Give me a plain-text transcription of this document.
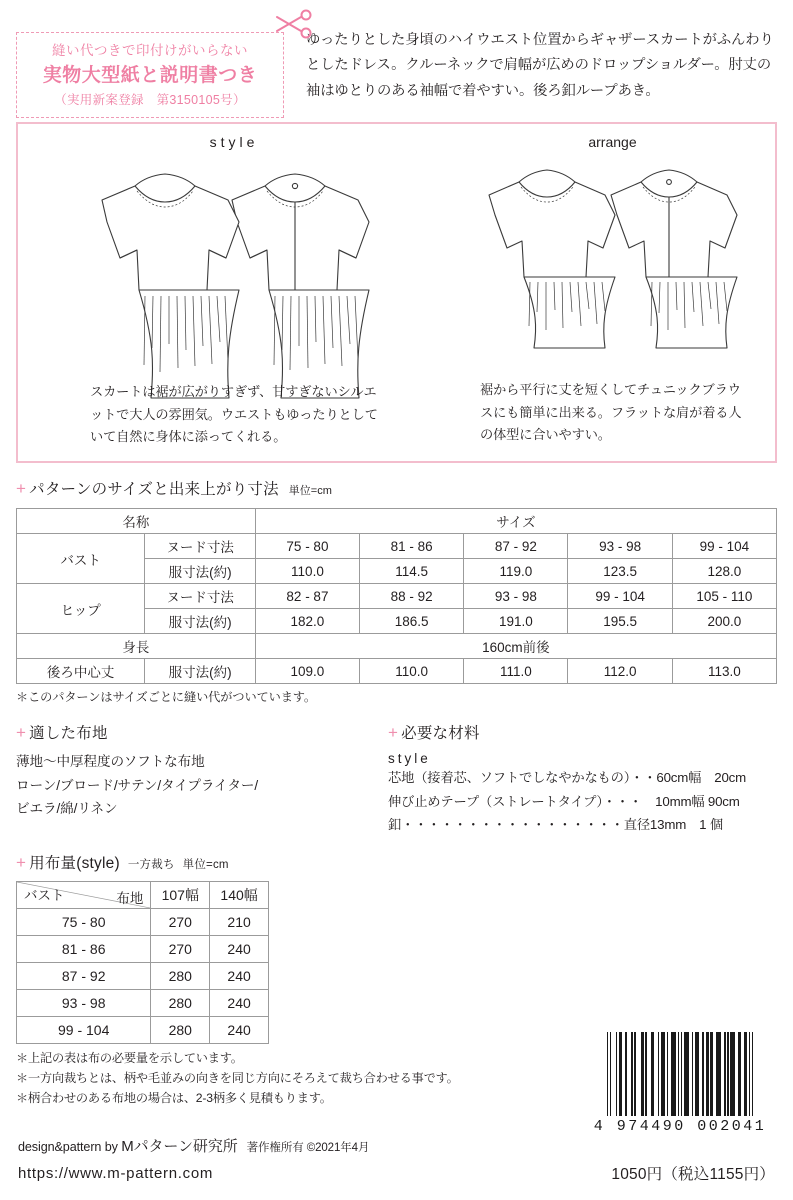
縫い代つきで印付けがいらない
実物大型紙と説明書つき
（実用新案登録　第3150105号）

ゆったりとした身頃のハイウエスト位置からギャザースカートがふんわりとしたドレス。クルーネックで肩幅が広めのドロップショルダー。肘丈の袖はゆとりのある袖幅で着やすい。後ろ釦ループあき。

style
スカートは裾が広がりすぎず、甘すぎないシルエットで大人の雰囲気。ウエストもゆったりとしていて自然に身体に添ってくれる。
arrange
裾から平行に丈を短くしてチュニックブラウスにも簡単に出来る。フラットな肩が着る人の体型に合いやすい。
+ パターンのサイズと出来上がり寸法 単位=cm
名称		サイズ				
バスト	ヌード寸法	75 - 80	81 - 86	87 - 92	93 - 98	99 - 104
	服寸法(約)	110.0	114.5	119.0	123.5	128.0
ヒップ	ヌード寸法	82 - 87	88 - 92	93 - 98	99 - 104	105 - 110
	服寸法(約)	182.0	186.5	191.0	195.5	200.0
身長		160cm前後				
後ろ中心丈	服寸法(約)	109.0	110.0	111.0	112.0	113.0
＊このパターンはサイズごとに縫い代がついています。
+ 適した布地
薄地〜中厚程度のソフトな布地
ローン/ブロード/サテン/タイプライター/
ビエラ/綿/リネン
+ 必要な材料
style
芯地（接着芯、ソフトでしなやかなもの）・・60cm幅　20cm
伸び止めテープ（ストレートタイプ）・・・　10mm幅 90cm
釦・・・・・・・・・・・・・・・・・直径13mm　1 個
+ 用布量(style) 一方裁ち 単位=cm
布地
バスト	107幅	140幅
75 - 80	270	210
81 - 86	270	240
87 - 92	280	240
93 - 98	280	240
99 - 104	280	240
＊上記の表は布の必要量を示しています。
＊一方向裁ちとは、柄や毛並みの向きを同じ方向にそろえて裁ち合わせる事です。
＊柄合わせのある布地の場合は、2-3柄多く見積もります。
4 974490 002041
design&pattern by Mパターン研究所 著作権所有 ©2021年4月
https://www.m-pattern.com	1050円（税込1155円）
